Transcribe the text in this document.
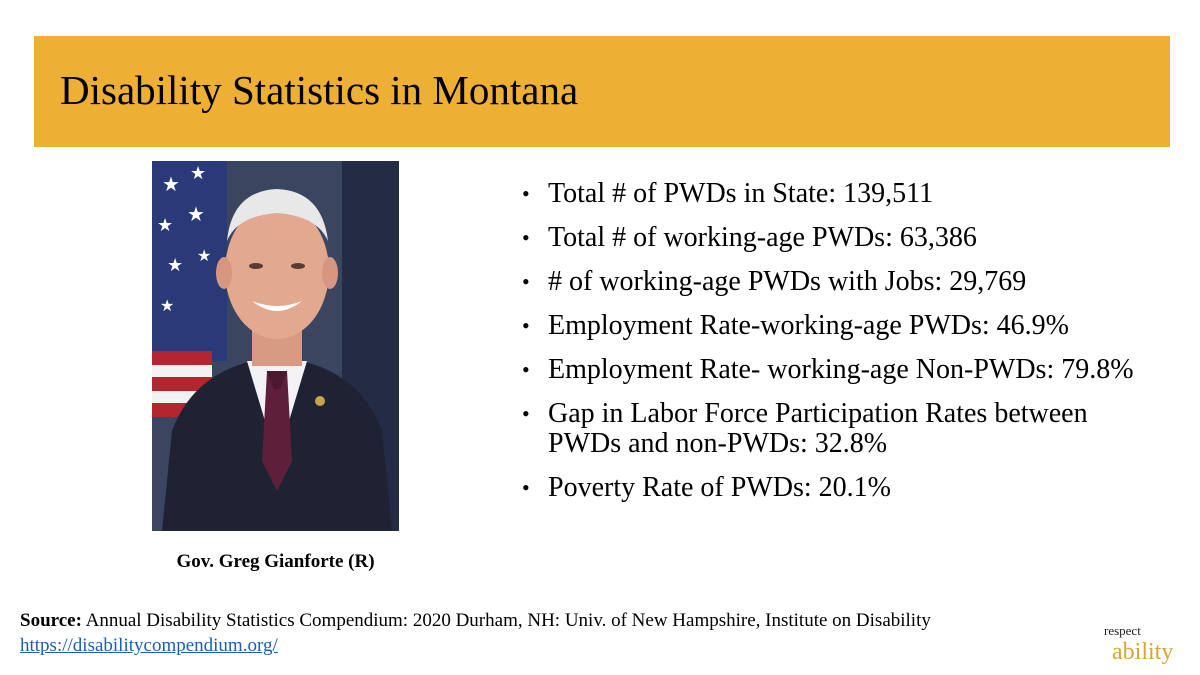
Disability Statistics in Montana
★
★
★ ★
★ ★
★
Gov. Greg Gianforte (R)
• Total # of PWDs in State: 139,511
• Total # of working-age PWDs: 63,386
• # of working-age PWDs with Jobs: 29,769
• Employment Rate-working-age PWDs: 46.9%
• Employment Rate- working-age Non-PWDs: 79.8%
• Gap in Labor Force Participation Rates between PWDs and non-PWDs: 32.8%
• Poverty Rate of PWDs: 20.1%
Source: Annual Disability Statistics Compendium: 2020 Durham, NH: Univ. of New Hampshire, Institute on Disability
https://disabilitycompendium.org/
respect
ability
